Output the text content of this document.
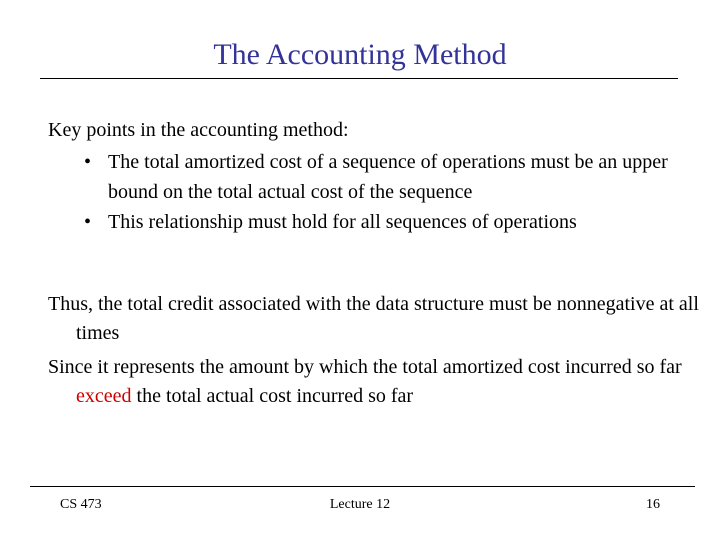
The Accounting Method
Key points in the accounting method:
• The total amortized cost of a sequence of operations must be an upper bound on the total actual cost of the sequence
• This relationship must hold for all sequences of operations
Thus, the total credit associated with the data structure must be nonnegative at all times
Since it represents the amount by which the total amortized cost incurred so far exceed the total actual cost incurred so far
CS 473	Lecture 12	16
